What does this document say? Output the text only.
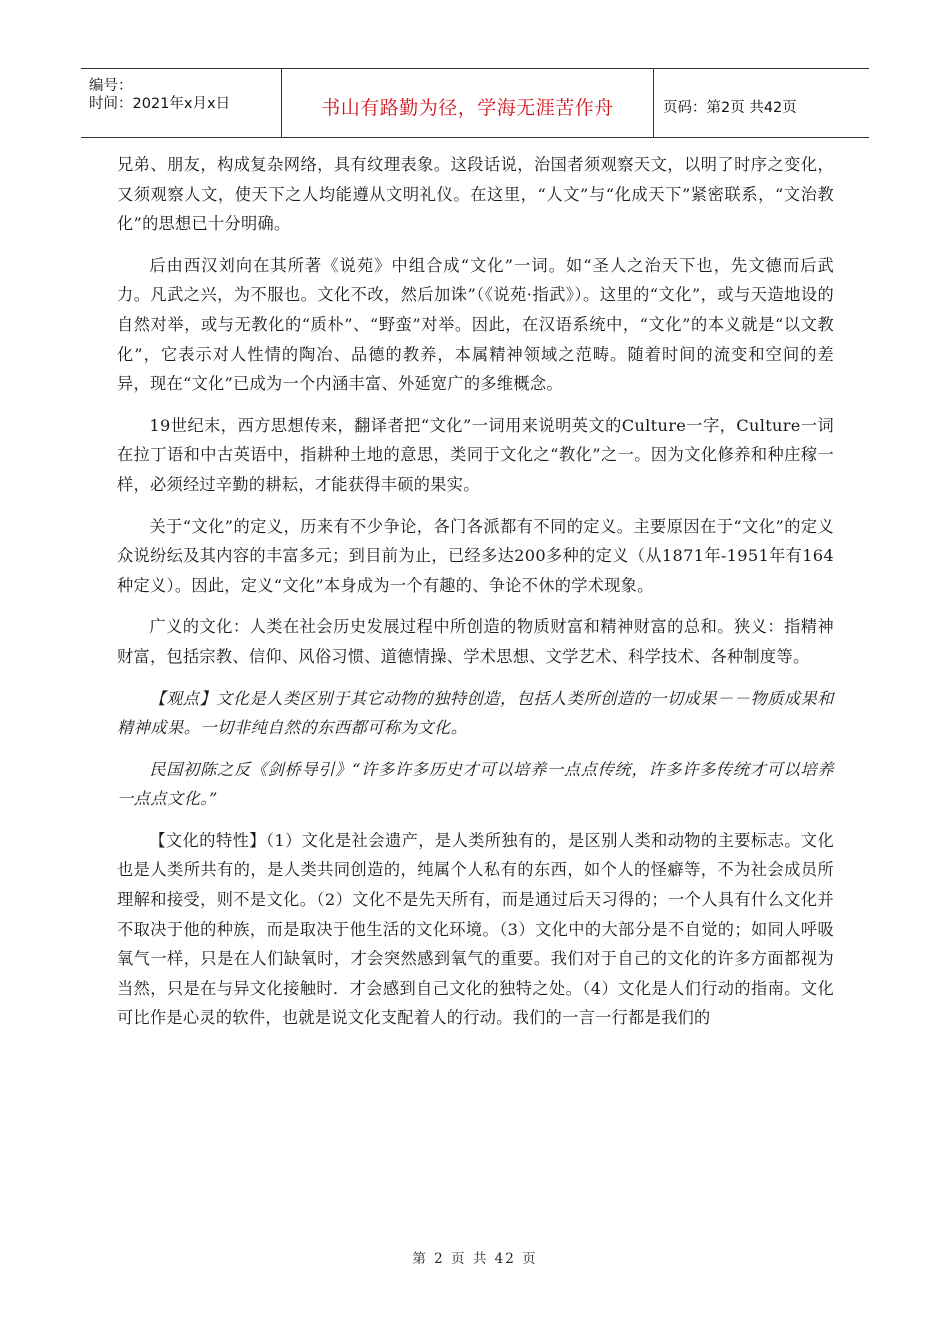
编号：
时间：2021年x月x日	书山有路勤为径，学海无涯苦作舟	页码：第2页 共42页

兄弟、朋友，构成复杂网络，具有纹理表象。这段话说，治国者须观察天文，以明了时序之变化，又须观察人文，使天下之人均能遵从文明礼仪。在这里，“人文”与“化成天下”紧密联系，“文治教化”的思想已十分明确。

后由西汉刘向在其所著《说苑》中组合成“文化”一词。如“圣人之治天下也，先文德而后武力。凡武之兴，为不服也。文化不改，然后加诛”（《说苑·指武》）。这里的“文化”，或与天造地设的自然对举，或与无教化的“质朴”、“野蛮”对举。因此，在汉语系统中，“文化”的本义就是“以文教化”，它表示对人性情的陶冶、品德的教养，本属精神领域之范畴。随着时间的流变和空间的差异，现在“文化”已成为一个内涵丰富、外延宽广的多维概念。

19世纪末，西方思想传来，翻译者把“文化”一词用来说明英文的Culture一字，Culture一词在拉丁语和中古英语中，指耕种土地的意思，类同于文化之“教化”之一。因为文化修养和种庄稼一样，必须经过辛勤的耕耘，才能获得丰硕的果实。

关于“文化”的定义，历来有不少争论，各门各派都有不同的定义。主要原因在于“文化”的定义众说纷纭及其内容的丰富多元；到目前为止，已经多达200多种的定义（从1871年-1951年有164种定义）。因此，定义“文化”本身成为一个有趣的、争论不休的学术现象。

广义的文化：人类在社会历史发展过程中所创造的物质财富和精神财富的总和。狭义：指精神财富，包括宗教、信仰、风俗习惯、道德情操、学术思想、文学艺术、科学技术、各种制度等。

【观点】文化是人类区别于其它动物的独特创造，包括人类所创造的一切成果－－物质成果和精神成果。一切非纯自然的东西都可称为文化。

民国初陈之反《剑桥导引》“许多许多历史才可以培养一点点传统，许多许多传统才可以培养一点点文化。”

【文化的特性】（1）文化是社会遗产，是人类所独有的，是区别人类和动物的主要标志。文化也是人类所共有的，是人类共同创造的，纯属个人私有的东西，如个人的怪癖等，不为社会成员所理解和接受，则不是文化。（2）文化不是先天所有，而是通过后天习得的；一个人具有什么文化并不取决于他的种族，而是取决于他生活的文化环境。（3）文化中的大部分是不自觉的；如同人呼吸氧气一样，只是在人们缺氧时，才会突然感到氧气的重要。我们对于自己的文化的许多方面都视为当然，只是在与异文化接触时．才会感到自己文化的独特之处。（4）文化是人们行动的指南。文化可比作是心灵的软件，也就是说文化支配着人的行动。我们的一言一行都是我们的

第 2 页 共 42 页
